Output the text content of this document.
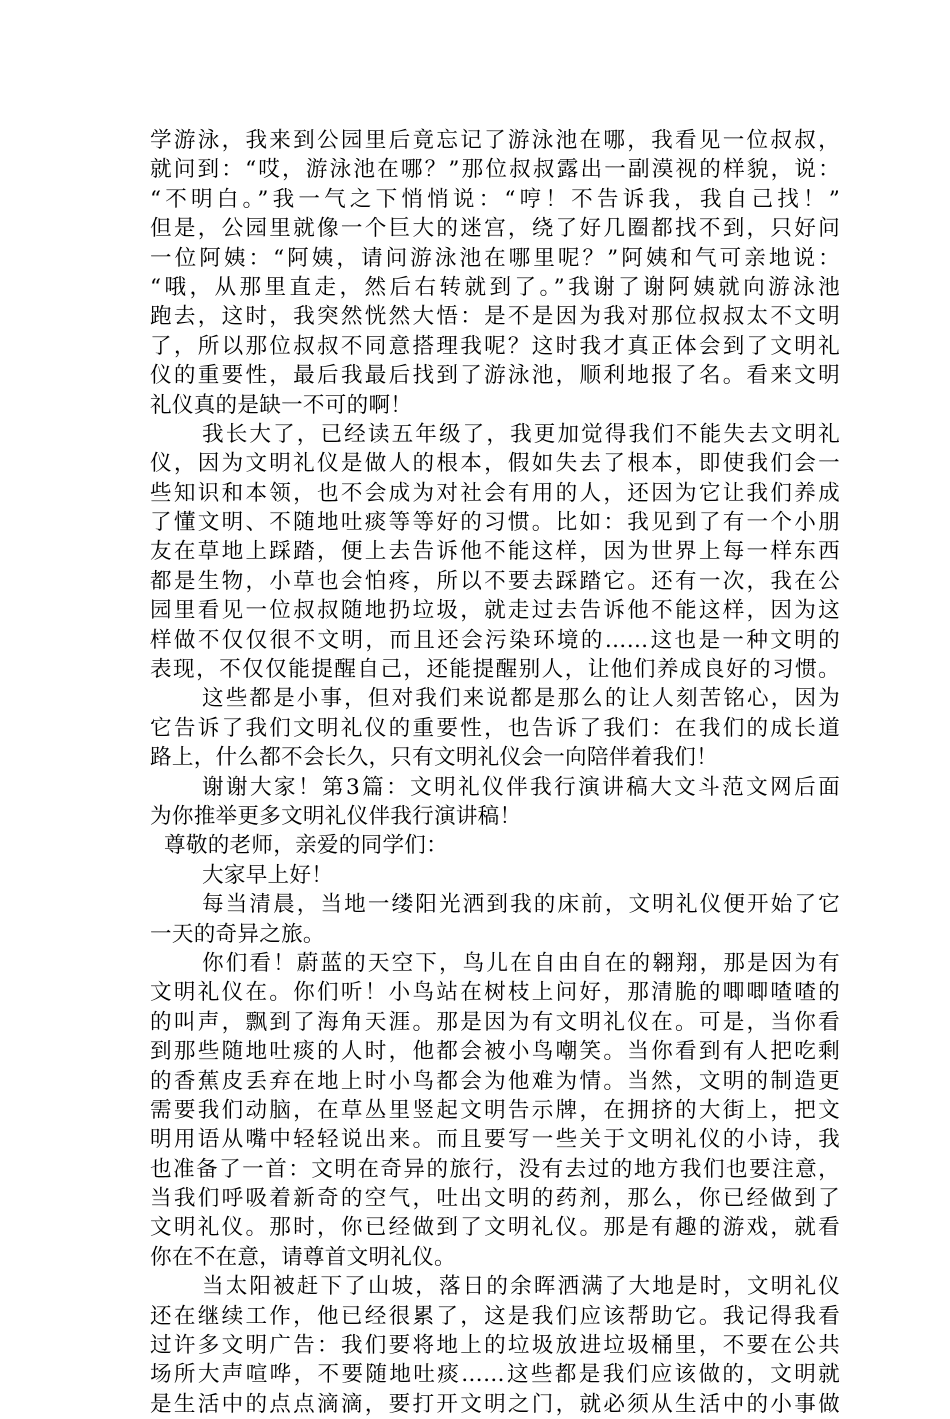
学游泳，我来到公园里后竟忘记了游泳池在哪，我看见一位叔叔，
就问到：“哎，游泳池在哪？”那位叔叔露出一副漠视的样貌，说：
“不明白。”我一气之下悄悄说：“哼！不告诉我，我自己找！”
但是，公园里就像一个巨大的迷宫，绕了好几圈都找不到，只好问
一位阿姨：“阿姨，请问游泳池在哪里呢？”阿姨和气可亲地说：
“哦，从那里直走，然后右转就到了。”我谢了谢阿姨就向游泳池
跑去，这时，我突然恍然大悟：是不是因为我对那位叔叔太不文明
了，所以那位叔叔不同意搭理我呢？这时我才真正体会到了文明礼
仪的重要性，最后我最后找到了游泳池，顺利地报了名。看来文明
礼仪真的是缺一不可的啊！
我长大了，已经读五年级了，我更加觉得我们不能失去文明礼
仪，因为文明礼仪是做人的根本，假如失去了根本，即使我们会一
些知识和本领，也不会成为对社会有用的人，还因为它让我们养成
了懂文明、不随地吐痰等等好的习惯。比如：我见到了有一个小朋
友在草地上踩踏，便上去告诉他不能这样，因为世界上每一样东西
都是生物，小草也会怕疼，所以不要去踩踏它。还有一次，我在公
园里看见一位叔叔随地扔垃圾，就走过去告诉他不能这样，因为这
样做不仅仅很不文明，而且还会污染环境的……这也是一种文明的
表现，不仅仅能提醒自己，还能提醒别人，让他们养成良好的习惯。
这些都是小事，但对我们来说都是那么的让人刻苦铭心，因为
它告诉了我们文明礼仪的重要性，也告诉了我们：在我们的成长道
路上，什么都不会长久，只有文明礼仪会一向陪伴着我们！
谢谢大家！第3篇：文明礼仪伴我行演讲稿大文斗范文网后面
为你推举更多文明礼仪伴我行演讲稿！
尊敬的老师，亲爱的同学们：
大家早上好！
每当清晨，当地一缕阳光洒到我的床前，文明礼仪便开始了它
一天的奇异之旅。
你们看！蔚蓝的天空下，鸟儿在自由自在的翱翔，那是因为有
文明礼仪在。你们听！小鸟站在树枝上问好，那清脆的唧唧喳喳的
的叫声，飘到了海角天涯。那是因为有文明礼仪在。可是，当你看
到那些随地吐痰的人时，他都会被小鸟嘲笑。当你看到有人把吃剩
的香蕉皮丢弃在地上时小鸟都会为他难为情。当然，文明的制造更
需要我们动脑，在草丛里竖起文明告示牌，在拥挤的大街上，把文
明用语从嘴中轻轻说出来。而且要写一些关于文明礼仪的小诗，我
也准备了一首：文明在奇异的旅行，没有去过的地方我们也要注意，
当我们呼吸着新奇的空气，吐出文明的药剂，那么，你已经做到了
文明礼仪。那时，你已经做到了文明礼仪。那是有趣的游戏，就看
你在不在意，请尊首文明礼仪。
当太阳被赶下了山坡，落日的余晖洒满了大地是时，文明礼仪
还在继续工作，他已经很累了，这是我们应该帮助它。我记得我看
过许多文明广告：我们要将地上的垃圾放进垃圾桶里，不要在公共
场所大声喧哗，不要随地吐痰……这些都是我们应该做的，文明就
是生活中的点点滴滴，要打开文明之门，就必须从生活中的小事做
